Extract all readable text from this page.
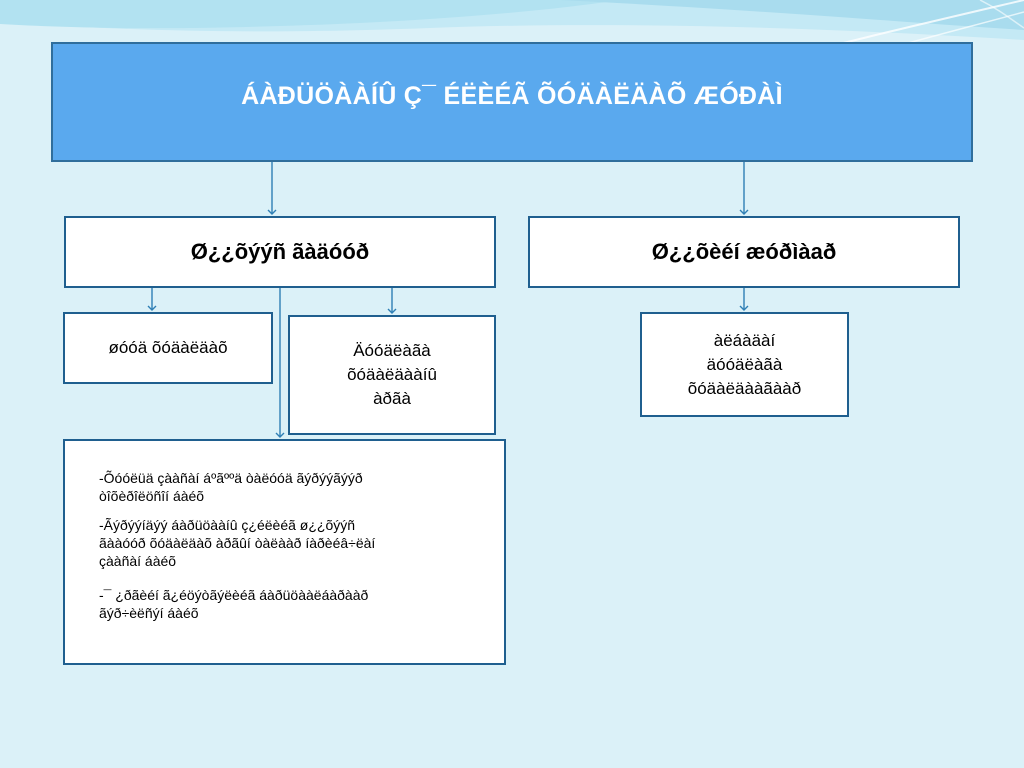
ÁÀĐÜÖÀÀÍÛ Ç¯ ÉËÈÉÃ ÕÓÄÀËÄÀÕ ÆÓĐÀÌ
Ø¿¿õýýñ ãàäóóð	Ø¿¿õèéí æóðìàað
øóóä õóäàëäàõ	Äóóäëàãà
õóäàëäààíû
àðãà
àëáàäàí
äóóäëàãà
õóäàëäààãààð

-Õóóëüä çààñàí áºãººä òàëóóä ãýðýýãýýð
òîõèðîëöñîí áàéõ

-Ãýðýýíäýý áàðüöààíû ç¿éëèéã ø¿¿õýýñ
ãààóóð õóäàëäàõ àðãûí òàëààð íàðèéâ÷ëàí
çààñàí áàéõ

-¯ ¿ðãèéí ã¿éöýòãýëèéã áàðüöààëáàðààð
ãýð÷èëñýí áàéõ
